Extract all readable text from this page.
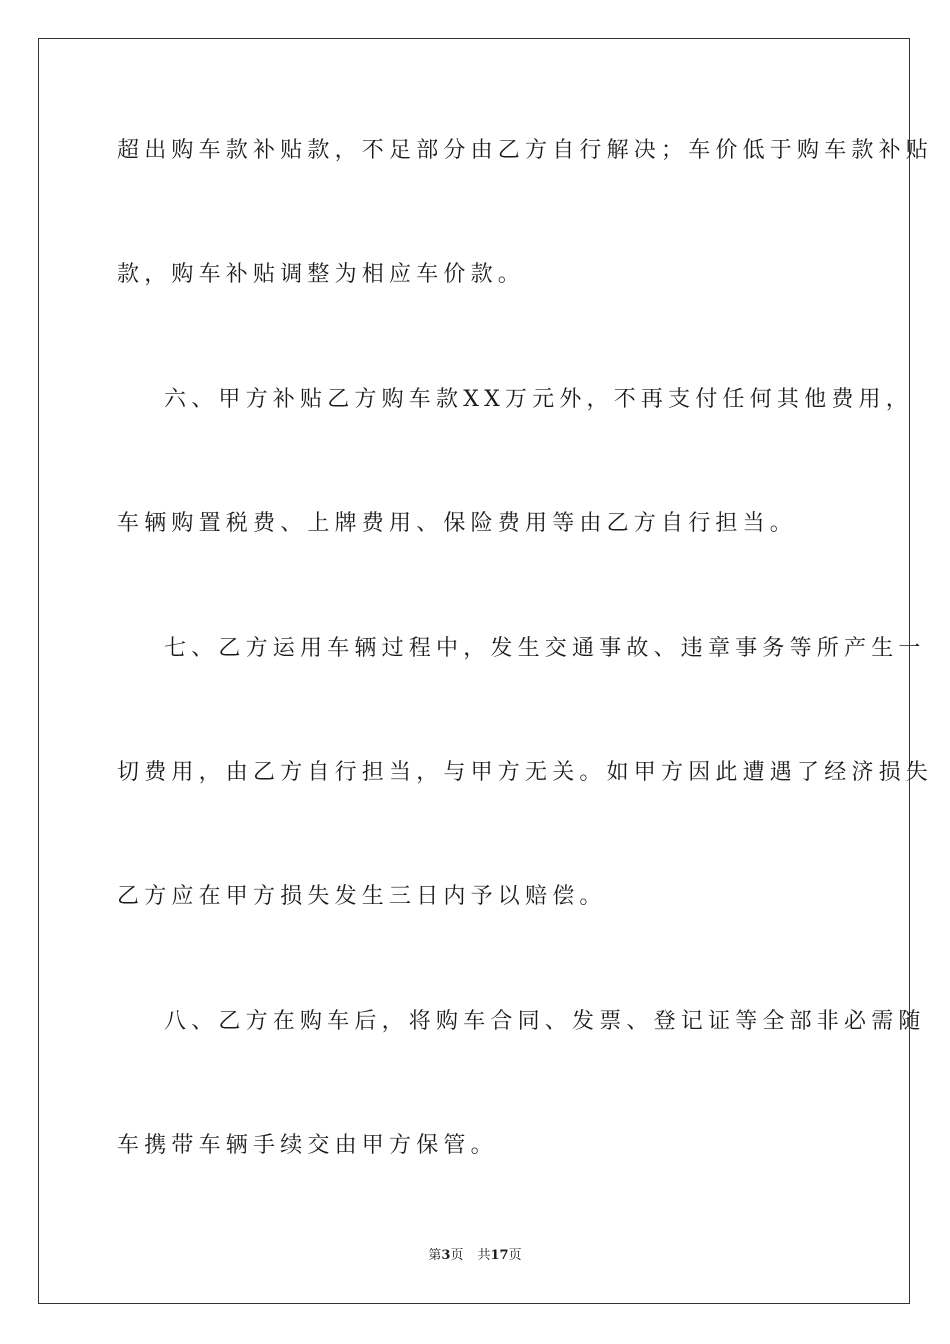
超出购车款补贴款，不足部分由乙方自行解决；车价低于购车款补贴
款，购车补贴调整为相应车价款。
六、甲方补贴乙方购车款XX万元外，不再支付任何其他费用，
车辆购置税费、上牌费用、保险费用等由乙方自行担当。
七、乙方运用车辆过程中，发生交通事故、违章事务等所产生一
切费用，由乙方自行担当，与甲方无关。如甲方因此遭遇了经济损失
乙方应在甲方损失发生三日内予以赔偿。
八、乙方在购车后，将购车合同、发票、登记证等全部非必需随
车携带车辆手续交由甲方保管。
第3页 共17页
